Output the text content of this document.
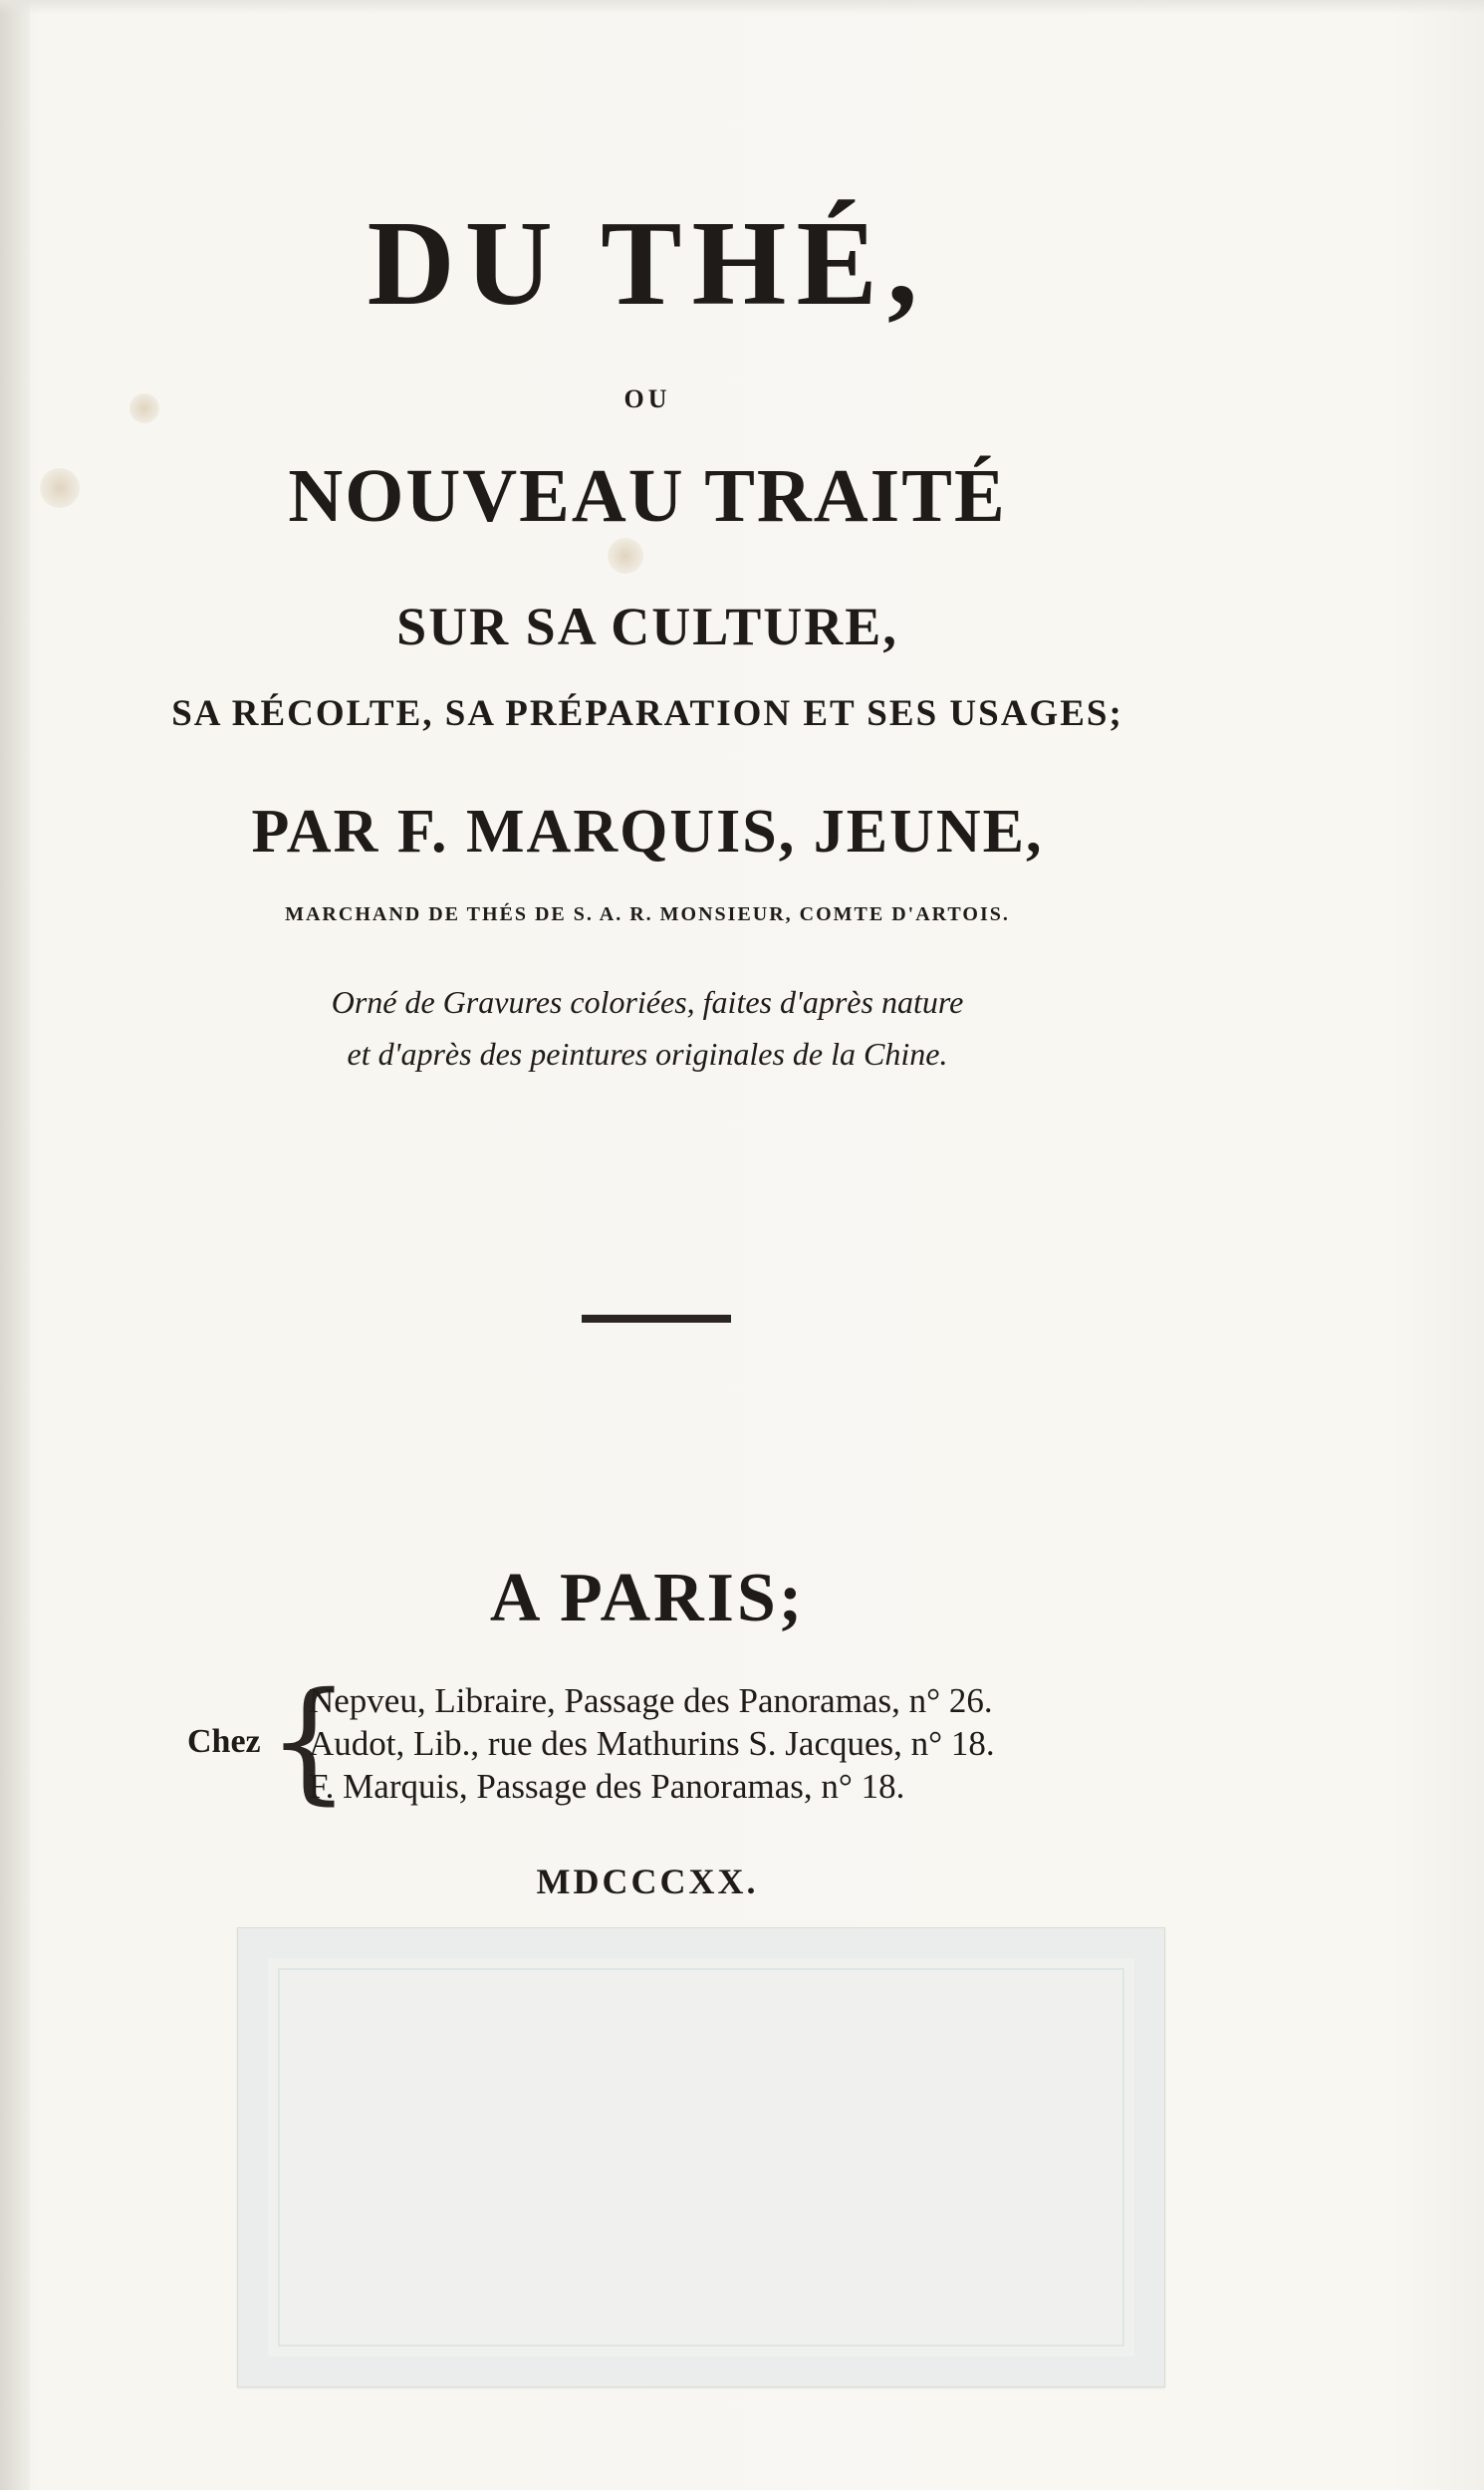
DU THÉ,
OU
NOUVEAU TRAITÉ
SUR SA CULTURE,
SA RÉCOLTE, SA PRÉPARATION ET SES USAGES;
PAR F. MARQUIS, JEUNE,
MARCHAND DE THÉS DE S. A. R. MONSIEUR, COMTE D'ARTOIS.
Orné de Gravures coloriées, faites d'après nature
et d'après des peintures originales de la Chine.
A PARIS;
Chez {
Nepveu, Libraire, Passage des Panoramas, n° 26.
Audot, Lib., rue des Mathurins S. Jacques, n° 18.
F. Marquis, Passage des Panoramas, n° 18.
MDCCCXX.
